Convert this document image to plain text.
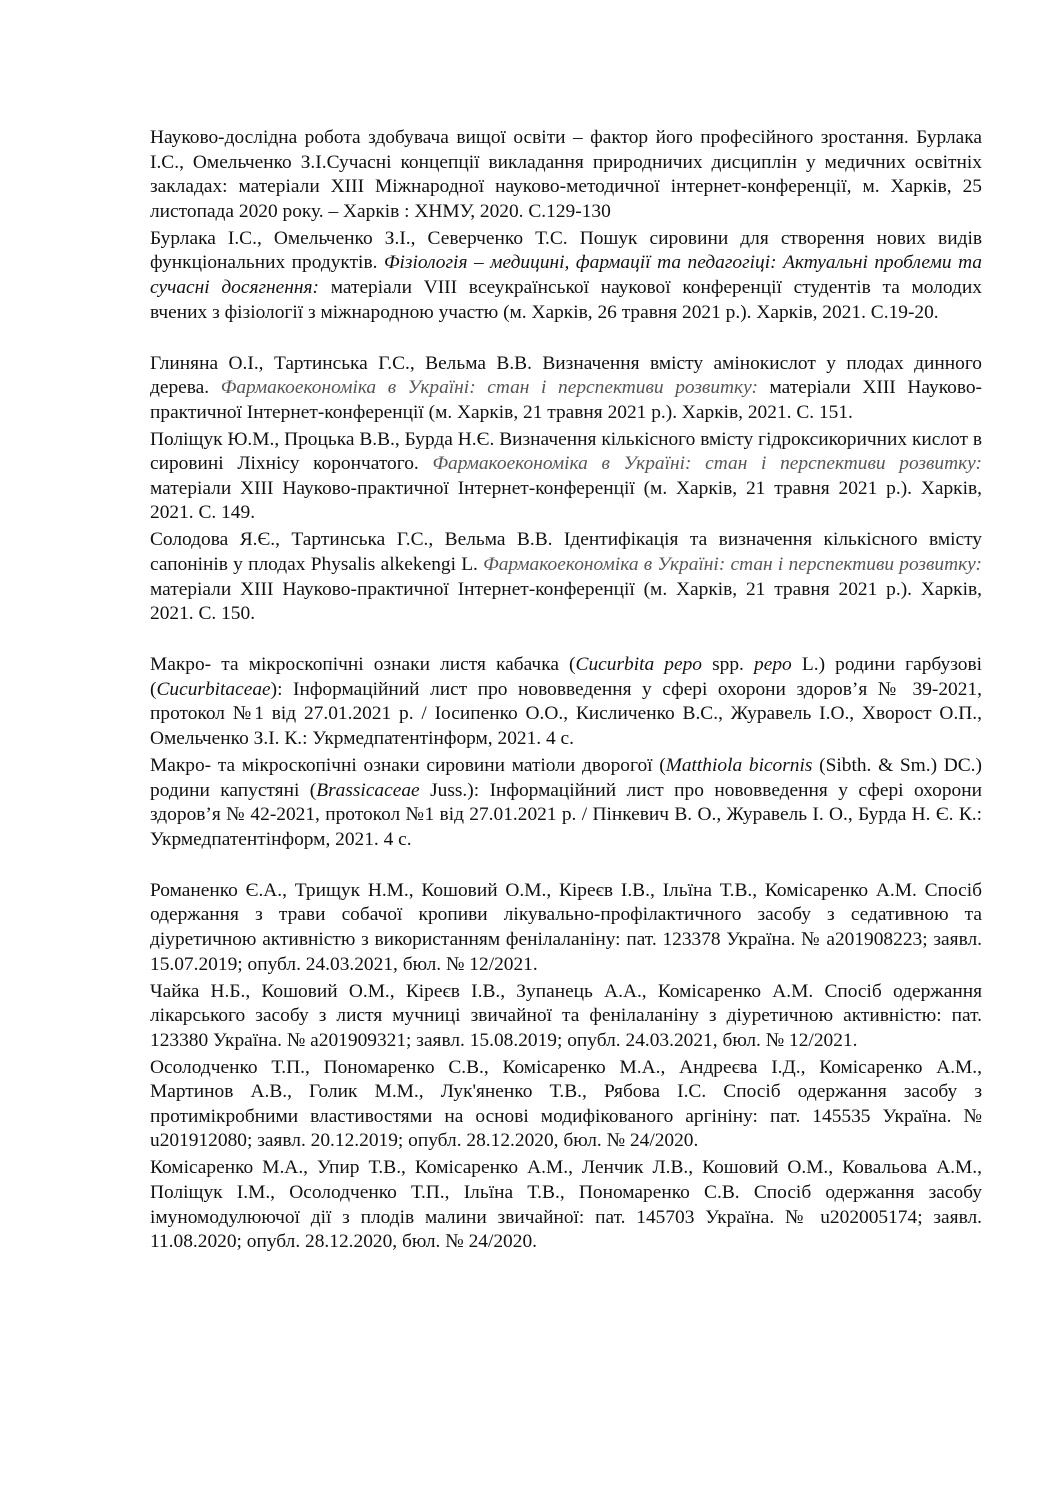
Науково-дослідна робота здобувача вищої освіти – фактор його професійного зростання. Бурлака І.С., Омельченко З.І.Сучасні концепції викладання природничих дисциплін у медичних освітніх закладах: матеріали XIII Міжнародної науково-методичної інтернет-конференції, м. Харків, 25 листопада 2020 року. – Харків : ХНМУ, 2020. С.129-130

Бурлака І.С., Омельченко З.І., Северченко Т.С. Пошук сировини для створення нових видів функціональних продуктів. Фізіологія – медицині, фармації та педагогіці: Актуальні проблеми та сучасні досягнення: матеріали VIII всеукраїнської наукової конференції студентів та молодих вчених з фізіології з міжнародною участю (м. Харків, 26 травня 2021 р.). Харків, 2021. С.19-20.

Глиняна О.І., Тартинська Г.С., Вельма В.В. Визначення вмісту амінокислот у плодах динного дерева. Фармакоекономіка в Україні: стан і перспективи розвитку: матеріали XIII Науково-практичної Інтернет-конференції (м. Харків, 21 травня 2021 р.). Харків, 2021. С. 151.

Поліщук Ю.М., Процька В.В., Бурда Н.Є. Визначення кількісного вмісту гідроксикоричних кислот в сировині Ліхнісу корончатого. Фармакоекономіка в Україні: стан і перспективи розвитку: матеріали XIII Науково-практичної Інтернет-конференції (м. Харків, 21 травня 2021 р.). Харків, 2021. С. 149.

Солодова Я.Є., Тартинська Г.С., Вельма В.В. Ідентифікація та визначення кількісного вмісту сапонінів у плодах Physalis alkekengi L. Фармакоекономіка в Україні: стан і перспективи розвитку: матеріали XIII Науково-практичної Інтернет-конференції (м. Харків, 21 травня 2021 р.). Харків, 2021. С. 150.

Макро- та мікроскопічні ознаки листя кабачка (Cucurbita pepo spp. pepo L.) родини гарбузові (Cucurbitaceae): Інформаційний лист про нововведення у сфері охорони здоров’я № 39-2021, протокол №1 від 27.01.2021 р. / Іосипенко О.О., Кисличенко В.С., Журавель І.О., Хворост О.П., Омельченко З.І. К.: Укрмедпатентінформ, 2021. 4 с.

Макро- та мікроскопічні ознаки сировини матіоли дворогої (Matthiola bicornis (Sibth. & Sm.) DC.) родини капустяні (Brassicaceae Juss.): Інформаційний лист про нововведення у сфері охорони здоров’я № 42-2021, протокол №1 від 27.01.2021 р. / Пінкевич В. О., Журавель І. О., Бурда Н. Є. К.: Укрмедпатентінформ, 2021. 4 с.

Романенко Є.А., Трищук Н.М., Кошовий О.М., Кіреєв І.В., Ільїна Т.В., Комісаренко А.М. Спосіб одержання з трави собачої кропиви лікувально-профілактичного засобу з седативною та діуретичною активністю з використанням фенілаланіну: пат. 123378 Україна. № a201908223; заявл. 15.07.2019; опубл. 24.03.2021, бюл. № 12/2021.

Чайка Н.Б., Кошовий О.М., Кіреєв І.В., Зупанець А.А., Комісаренко А.М. Спосіб одержання лікарського засобу з листя мучниці звичайної та фенілаланіну з діуретичною активністю: пат. 123380 Україна. № a201909321; заявл. 15.08.2019; опубл. 24.03.2021, бюл. № 12/2021.

Осолодченко Т.П., Пономаренко С.В., Комісаренко М.А., Андреєва І.Д., Комісаренко А.М., Мартинов А.В., Голик М.М., Лук'яненко Т.В., Рябова І.С. Спосіб одержання засобу з протимікробними властивостями на основі модифікованого аргініну: пат. 145535 Україна. № u201912080; заявл. 20.12.2019; опубл. 28.12.2020, бюл. № 24/2020.

Комісаренко М.А., Упир Т.В., Комісаренко А.М., Ленчик Л.В., Кошовий О.М., Ковальова А.М., Поліщук І.М., Осолодченко Т.П., Ільїна Т.В., Пономаренко С.В. Спосіб одержання засобу імуномодулюючої дії з плодів малини звичайної: пат. 145703 Україна. № u202005174; заявл. 11.08.2020; опубл. 28.12.2020, бюл. № 24/2020.
